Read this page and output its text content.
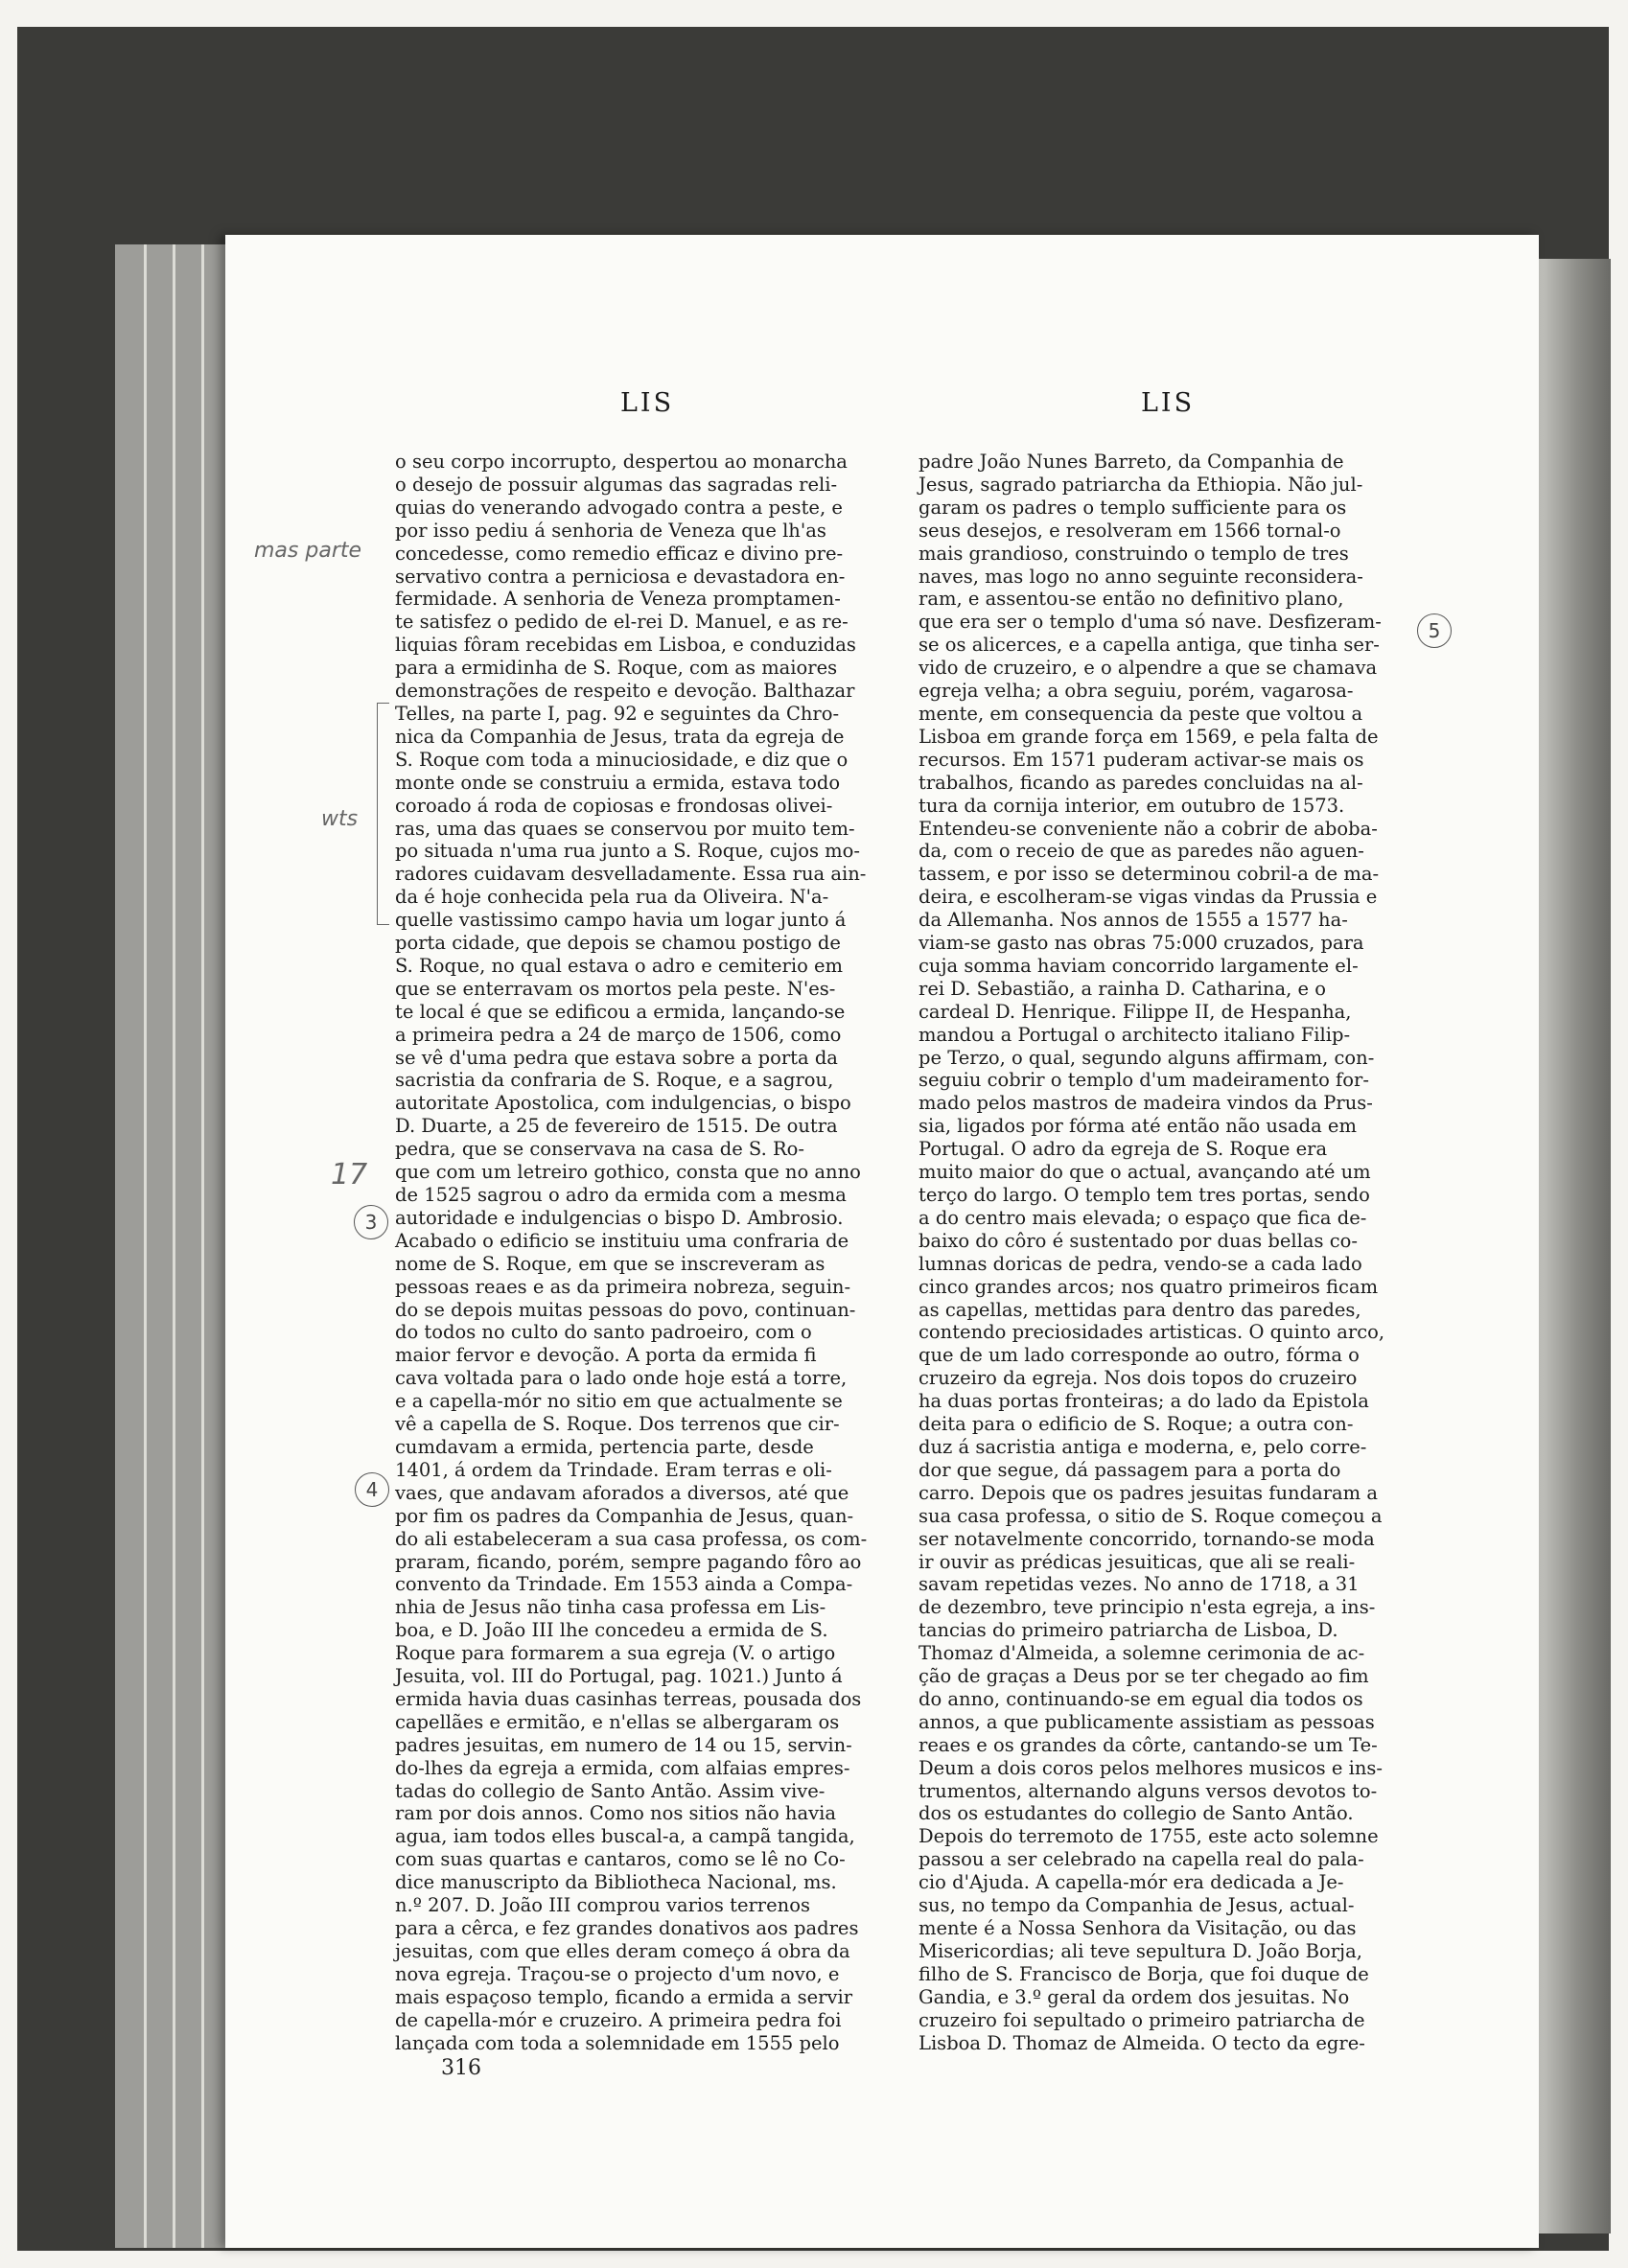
LIS	LIS

o seu corpo incorrupto, despertou ao monarcha

o desejo de possuir algumas das sagradas reli-

quias do venerando advogado contra a peste, e

por isso pediu á senhoria de Veneza que lh'as

concedesse, como remedio efficaz e divino pre-

servativo contra a perniciosa e devastadora en-

fermidade. A senhoria de Veneza promptamen-

te satisfez o pedido de el-rei D. Manuel, e as re-

liquias fôram recebidas em Lisboa, e conduzidas

para a ermidinha de S. Roque, com as maiores

demonstrações de respeito e devoção. Balthazar

Telles, na parte I, pag. 92 e seguintes da Chro-

nica da Companhia de Jesus, trata da egreja de

S. Roque com toda a minuciosidade, e diz que o

monte onde se construiu a ermida, estava todo

coroado á roda de copiosas e frondosas olivei-

ras, uma das quaes se conservou por muito tem-

po situada n'uma rua junto a S. Roque, cujos mo-

radores cuidavam desvelladamente. Essa rua ain-

da é hoje conhecida pela rua da Oliveira. N'a-

quelle vastissimo campo havia um logar junto á

porta cidade, que depois se chamou postigo de

S. Roque, no qual estava o adro e cemiterio em

que se enterravam os mortos pela peste. N'es-

te local é que se edificou a ermida, lançando-se

a primeira pedra a 24 de março de 1506, como

se vê d'uma pedra que estava sobre a porta da

sacristia da confraria de S. Roque, e a sagrou,

autoritate Apostolica, com indulgencias, o bispo

D. Duarte, a 25 de fevereiro de 1515. De outra

pedra, que se conservava na casa de S. Ro-

que com um letreiro gothico, consta que no anno

de 1525 sagrou o adro da ermida com a mesma

autoridade e indulgencias o bispo D. Ambrosio.

Acabado o edificio se instituiu uma confraria de

nome de S. Roque, em que se inscreveram as

pessoas reaes e as da primeira nobreza, seguin-

do se depois muitas pessoas do povo, continuan-

do todos no culto do santo padroeiro, com o

maior fervor e devoção. A porta da ermida fi

cava voltada para o lado onde hoje está a torre,

e a capella-mór no sitio em que actualmente se

vê a capella de S. Roque. Dos terrenos que cir-

cumdavam a ermida, pertencia parte, desde

1401, á ordem da Trindade. Eram terras e oli-

vaes, que andavam aforados a diversos, até que

por fim os padres da Companhia de Jesus, quan-

do ali estabeleceram a sua casa professa, os com-

praram, ficando, porém, sempre pagando fôro ao

convento da Trindade. Em 1553 ainda a Compa-

nhia de Jesus não tinha casa professa em Lis-

boa, e D. João III lhe concedeu a ermida de S.

Roque para formarem a sua egreja (V. o artigo

Jesuita, vol. III do Portugal, pag. 1021.) Junto á

ermida havia duas casinhas terreas, pousada dos

capellães e ermitão, e n'ellas se albergaram os

padres jesuitas, em numero de 14 ou 15, servin-

do-lhes da egreja a ermida, com alfaias empres-

tadas do collegio de Santo Antão. Assim vive-

ram por dois annos. Como nos sitios não havia

agua, iam todos elles buscal-a, a campã tangida,

com suas quartas e cantaros, como se lê no Co-

dice manuscripto da Bibliotheca Nacional, ms.

n.º 207. D. João III comprou varios terrenos

para a cêrca, e fez grandes donativos aos padres

jesuitas, com que elles deram começo á obra da

nova egreja. Traçou-se o projecto d'um novo, e

mais espaçoso templo, ficando a ermida a servir

de capella-mór e cruzeiro. A primeira pedra foi

lançada com toda a solemnidade em 1555 pelo

padre João Nunes Barreto, da Companhia de

Jesus, sagrado patriarcha da Ethiopia. Não jul-

garam os padres o templo sufficiente para os

seus desejos, e resolveram em 1566 tornal-o

mais grandioso, construindo o templo de tres

naves, mas logo no anno seguinte reconsidera-

ram, e assentou-se então no definitivo plano,

que era ser o templo d'uma só nave. Desfizeram-

se os alicerces, e a capella antiga, que tinha ser-

vido de cruzeiro, e o alpendre a que se chamava

egreja velha; a obra seguiu, porém, vagarosa-

mente, em consequencia da peste que voltou a

Lisboa em grande força em 1569, e pela falta de

recursos. Em 1571 puderam activar-se mais os

trabalhos, ficando as paredes concluidas na al-

tura da cornija interior, em outubro de 1573.

Entendeu-se conveniente não a cobrir de aboba-

da, com o receio de que as paredes não aguen-

tassem, e por isso se determinou cobril-a de ma-

deira, e escolheram-se vigas vindas da Prussia e

da Allemanha. Nos annos de 1555 a 1577 ha-

viam-se gasto nas obras 75:000 cruzados, para

cuja somma haviam concorrido largamente el-

rei D. Sebastião, a rainha D. Catharina, e o

cardeal D. Henrique. Filippe II, de Hespanha,

mandou a Portugal o architecto italiano Filip-

pe Terzo, o qual, segundo alguns affirmam, con-

seguiu cobrir o templo d'um madeiramento for-

mado pelos mastros de madeira vindos da Prus-

sia, ligados por fórma até então não usada em

Portugal. O adro da egreja de S. Roque era

muito maior do que o actual, avançando até um

terço do largo. O templo tem tres portas, sendo

a do centro mais elevada; o espaço que fica de-

baixo do côro é sustentado por duas bellas co-

lumnas doricas de pedra, vendo-se a cada lado

cinco grandes arcos; nos quatro primeiros ficam

as capellas, mettidas para dentro das paredes,

contendo preciosidades artisticas. O quinto arco,

que de um lado corresponde ao outro, fórma o

cruzeiro da egreja. Nos dois topos do cruzeiro

ha duas portas fronteiras; a do lado da Epistola

deita para o edificio de S. Roque; a outra con-

duz á sacristia antiga e moderna, e, pelo corre-

dor que segue, dá passagem para a porta do

carro. Depois que os padres jesuitas fundaram a

sua casa professa, o sitio de S. Roque começou a

ser notavelmente concorrido, tornando-se moda

ir ouvir as prédicas jesuiticas, que ali se reali-

savam repetidas vezes. No anno de 1718, a 31

de dezembro, teve principio n'esta egreja, a ins-

tancias do primeiro patriarcha de Lisboa, D.

Thomaz d'Almeida, a solemne cerimonia de ac-

ção de graças a Deus por se ter chegado ao fim

do anno, continuando-se em egual dia todos os

annos, a que publicamente assistiam as pessoas

reaes e os grandes da côrte, cantando-se um Te-

Deum a dois coros pelos melhores musicos e ins-

trumentos, alternando alguns versos devotos to-

dos os estudantes do collegio de Santo Antão.

Depois do terremoto de 1755, este acto solemne

passou a ser celebrado na capella real do pala-

cio d'Ajuda. A capella-mór era dedicada a Je-

sus, no tempo da Companhia de Jesus, actual-

mente é a Nossa Senhora da Visitação, ou das

Misericordias; ali teve sepultura D. João Borja,

filho de S. Francisco de Borja, que foi duque de

Gandia, e 3.º geral da ordem dos jesuitas. No

cruzeiro foi sepultado o primeiro patriarcha de

Lisboa D. Thomaz de Almeida. O tecto da egre-

316
mas parte
wts
17
3
4
5
